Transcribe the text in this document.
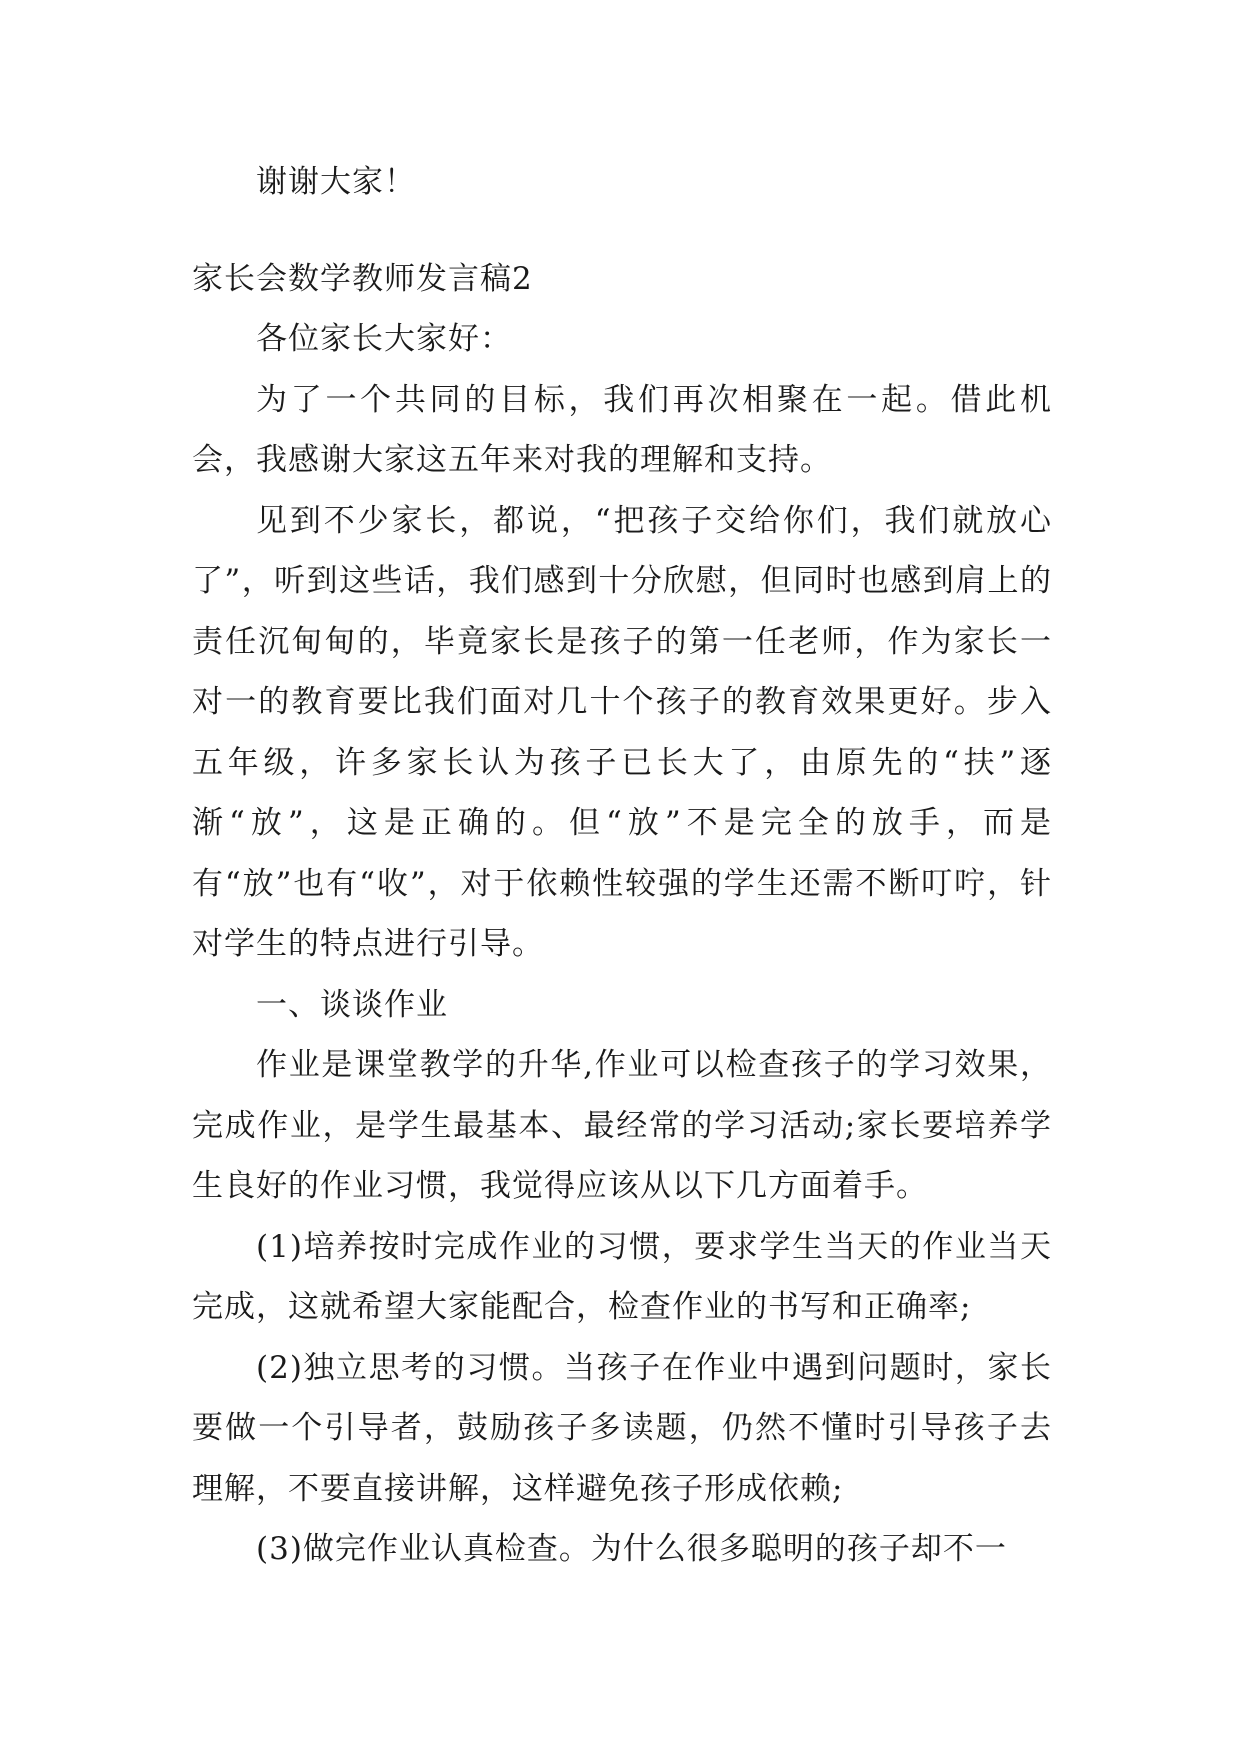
谢谢大家！

家长会数学教师发言稿2

各位家长大家好：

为了一个共同的目标，我们再次相聚在一起。借此机会，我感谢大家这五年来对我的理解和支持。

见到不少家长，都说，“把孩子交给你们，我们就放心了”，听到这些话，我们感到十分欣慰，但同时也感到肩上的责任沉甸甸的，毕竟家长是孩子的第一任老师，作为家长一对一的教育要比我们面对几十个孩子的教育效果更好。步入五年级，许多家长认为孩子已长大了，由原先的“扶”逐渐“放”，这是正确的。但“放”不是完全的放手，而是有“放”也有“收”，对于依赖性较强的学生还需不断叮咛，针对学生的特点进行引导。

一、谈谈作业

作业是课堂教学的升华,作业可以检查孩子的学习效果，完成作业，是学生最基本、最经常的学习活动;家长要培养学生良好的作业习惯，我觉得应该从以下几方面着手。

(1)培养按时完成作业的习惯，要求学生当天的作业当天完成，这就希望大家能配合，检查作业的书写和正确率;

(2)独立思考的习惯。当孩子在作业中遇到问题时，家长要做一个引导者，鼓励孩子多读题，仍然不懂时引导孩子去理解，不要直接讲解，这样避免孩子形成依赖;

(3)做完作业认真检查。为什么很多聪明的孩子却不一
